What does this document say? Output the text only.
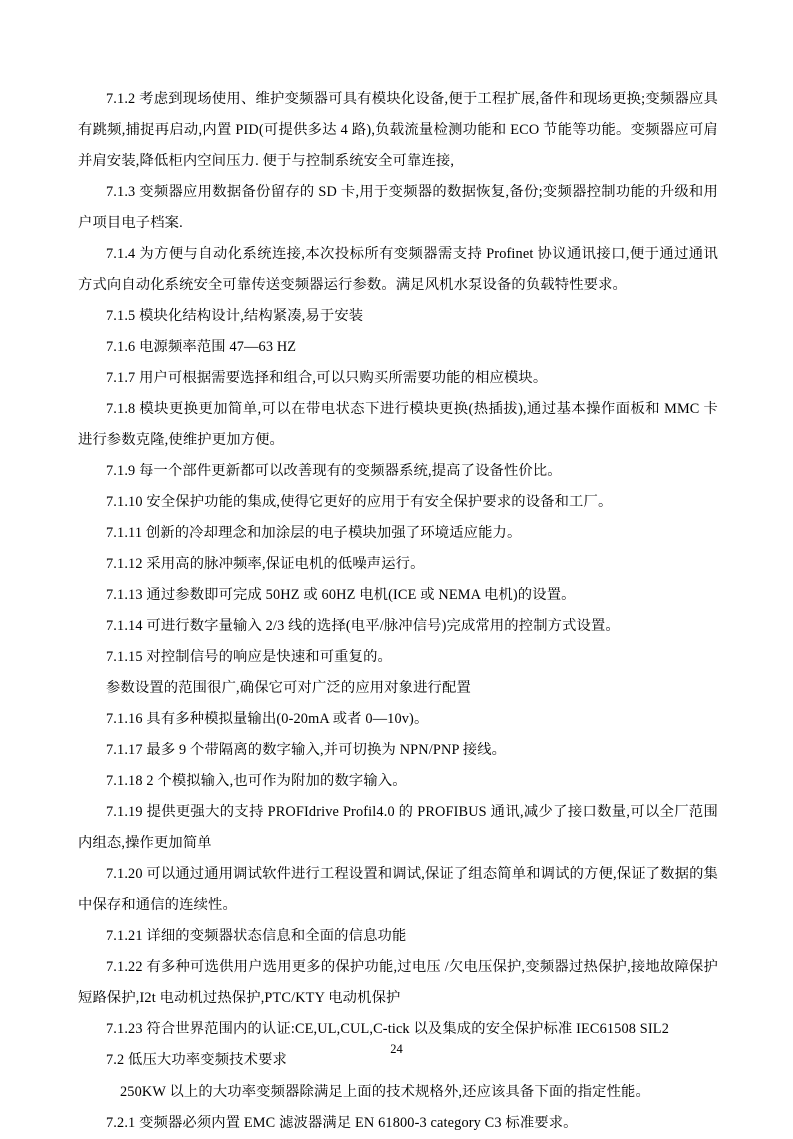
7.1.2 考虑到现场使用、维护变频器可具有模块化设备,便于工程扩展,备件和现场更换;变频器应具有跳频,捕捉再启动,内置 PID(可提供多达 4 路),负载流量检测功能和 ECO 节能等功能。变频器应可肩并肩安装,降低柜内空间压力. 便于与控制系统安全可靠连接,

7.1.3 变频器应用数据备份留存的 SD 卡,用于变频器的数据恢复,备份;变频器控制功能的升级和用户项目电子档案.

7.1.4 为方便与自动化系统连接,本次投标所有变频器需支持 Profinet 协议通讯接口,便于通过通讯方式向自动化系统安全可靠传送变频器运行参数。满足风机水泵设备的负载特性要求。

7.1.5 模块化结构设计,结构紧凑,易于安装

7.1.6 电源频率范围 47—63 HZ

7.1.7 用户可根据需要选择和组合,可以只购买所需要功能的相应模块。

7.1.8 模块更换更加简单,可以在带电状态下进行模块更换(热插拔),通过基本操作面板和 MMC 卡进行参数克隆,使维护更加方便。

7.1.9 每一个部件更新都可以改善现有的变频器系统,提高了设备性价比。

7.1.10 安全保护功能的集成,使得它更好的应用于有安全保护要求的设备和工厂。

7.1.11 创新的冷却理念和加涂层的电子模块加强了环境适应能力。

7.1.12 采用高的脉冲频率,保证电机的低噪声运行。

7.1.13 通过参数即可完成 50HZ 或 60HZ 电机(ICE 或 NEMA 电机)的设置。

7.1.14 可进行数字量输入 2/3 线的选择(电平/脉冲信号)完成常用的控制方式设置。

7.1.15 对控制信号的响应是快速和可重复的。

参数设置的范围很广,确保它可对广泛的应用对象进行配置

7.1.16 具有多种模拟量输出(0-20mA 或者 0—10v)。

7.1.17 最多 9 个带隔离的数字输入,并可切换为 NPN/PNP 接线。

7.1.18 2 个模拟输入,也可作为附加的数字输入。

7.1.19 提供更强大的支持 PROFIdrive Profil4.0 的 PROFIBUS 通讯,减少了接口数量,可以全厂范围内组态,操作更加简单

7.1.20 可以通过通用调试软件进行工程设置和调试,保证了组态简单和调试的方便,保证了数据的集中保存和通信的连续性。

7.1.21 详细的变频器状态信息和全面的信息功能

7.1.22 有多种可选供用户选用更多的保护功能,过电压 /欠电压保护,变频器过热保护,接地故障保护短路保护,I2t 电动机过热保护,PTC/KTY 电动机保护

7.1.23 符合世界范围内的认证:CE,UL,CUL,C-tick 以及集成的安全保护标准 IEC61508 SIL2

7.2 低压大功率变频技术要求

250KW 以上的大功率变频器除满足上面的技术规格外,还应该具备下面的指定性能。

7.2.1 变频器必须内置 EMC 滤波器满足 EN 61800-3 category C3 标准要求。

24
